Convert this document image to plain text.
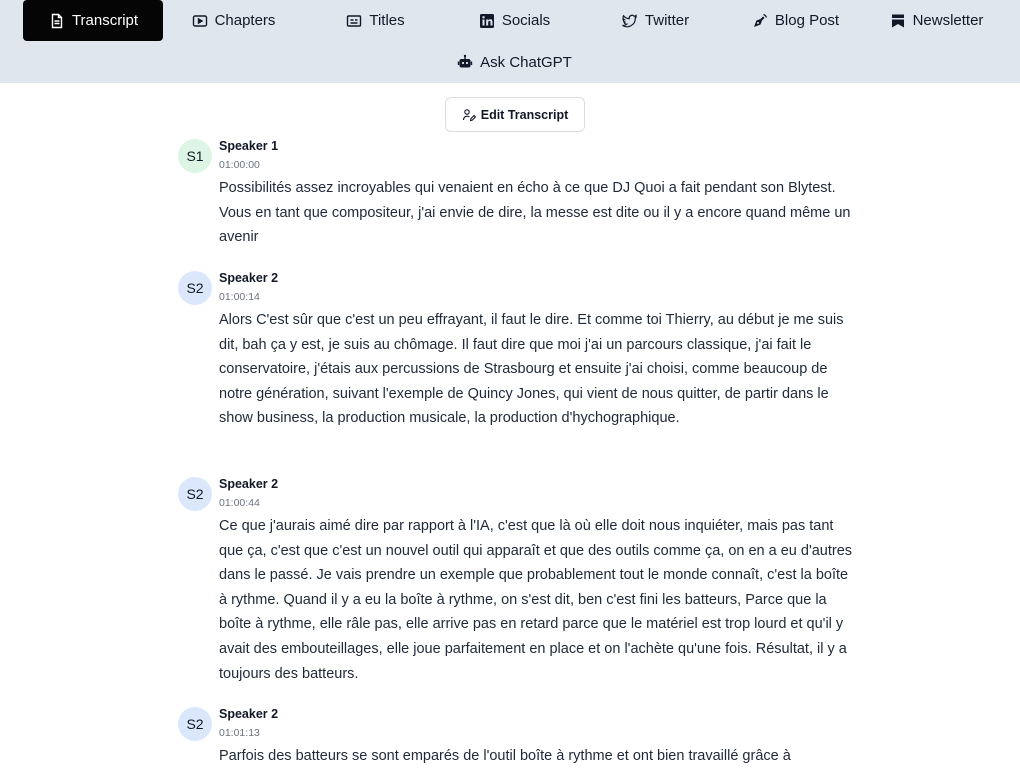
Transcript	Chapters	Titles	Socials	Twitter	Blog Post	Newsletter
Ask ChatGPT
Edit Transcript
S1
Speaker 1
01:00:00
Possibilités assez incroyables qui venaient en écho à ce que DJ Quoi a fait pendant son Blytest. Vous en tant que compositeur, j'ai envie de dire, la messe est dite ou il y a encore quand même un avenir
S2
Speaker 2
01:00:14
Alors C'est sûr que c'est un peu effrayant, il faut le dire. Et comme toi Thierry, au début je me suis dit, bah ça y est, je suis au chômage. Il faut dire que moi j'ai un parcours classique, j'ai fait le conservatoire, j'étais aux percussions de Strasbourg et ensuite j'ai choisi, comme beaucoup de notre génération, suivant l'exemple de Quincy Jones, qui vient de nous quitter, de partir dans le show business, la production musicale, la production d'hychographique.
S2
Speaker 2
01:00:44
Ce que j'aurais aimé dire par rapport à l'IA, c'est que là où elle doit nous inquiéter, mais pas tant que ça, c'est que c'est un nouvel outil qui apparaît et que des outils comme ça, on en a eu d'autres dans le passé. Je vais prendre un exemple que probablement tout le monde connaît, c'est la boîte à rythme. Quand il y a eu la boîte à rythme, on s'est dit, ben c'est fini les batteurs, Parce que la boîte à rythme, elle râle pas, elle arrive pas en retard parce que le matériel est trop lourd et qu'il y avait des embouteillages, elle joue parfaitement en place et on l'achète qu'une fois. Résultat, il y a toujours des batteurs.
S2
Speaker 2
01:01:13
Parfois des batteurs se sont emparés de l'outil boîte à rythme et ont bien travaillé grâce à
